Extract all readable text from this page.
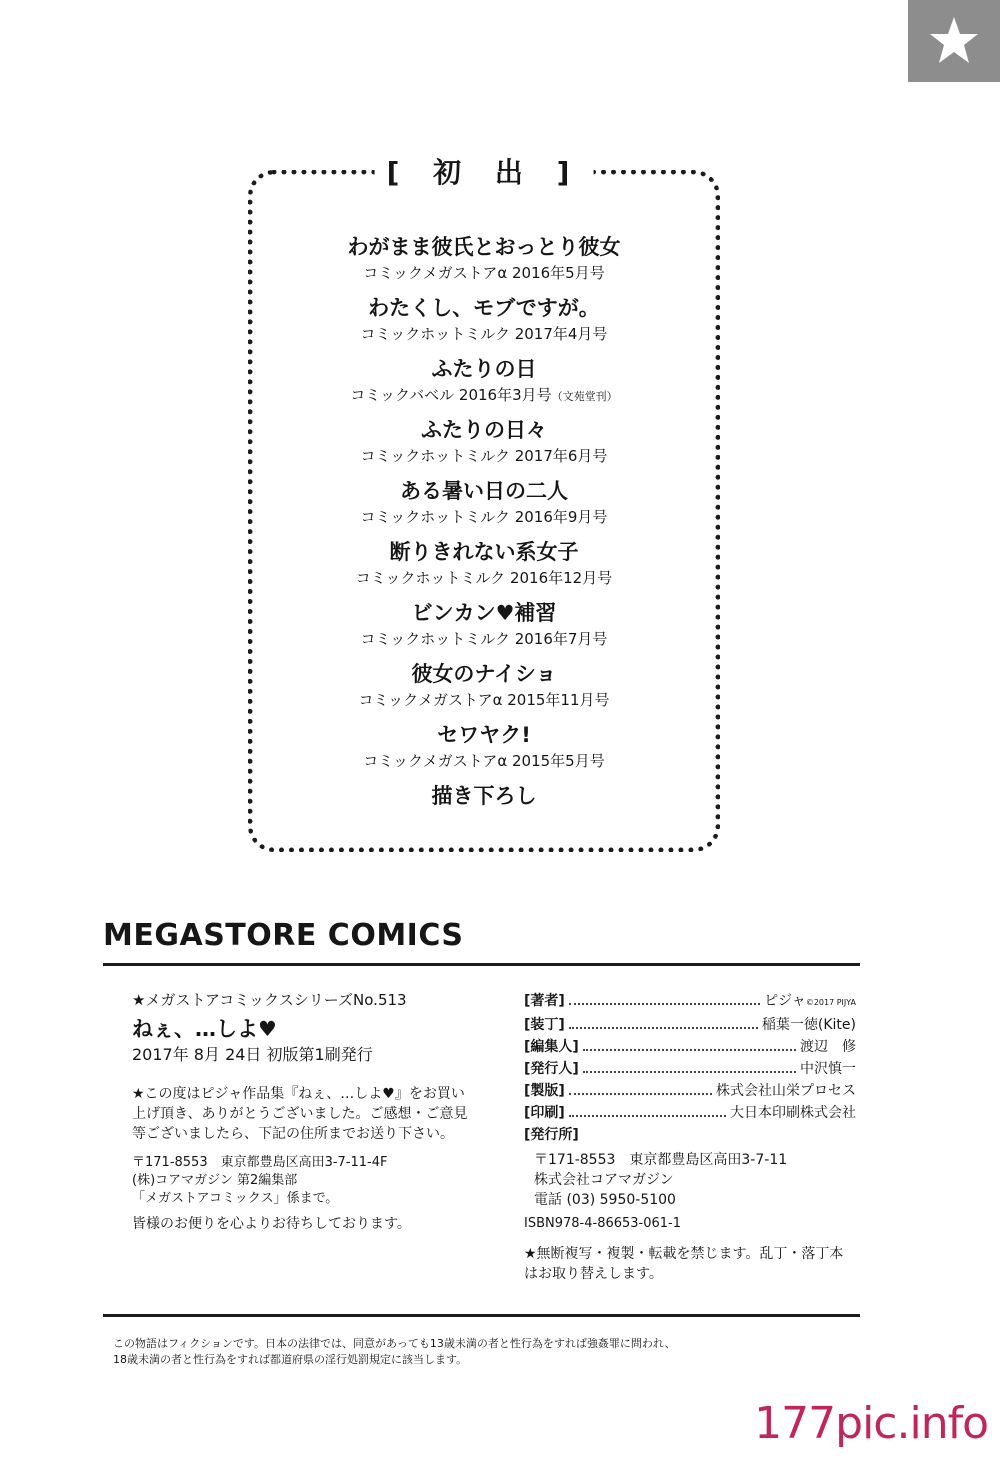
[ 初 出 ]
わがまま彼氏とおっとり彼女
コミックメガストアα 2016年5月号
わたくし、モブですが。
コミックホットミルク 2017年4月号
ふたりの日
コミックバベル 2016年3月号（文苑堂刊）
ふたりの日々
コミックホットミルク 2017年6月号
ある暑い日の二人
コミックホットミルク 2016年9月号
断りきれない系女子
コミックホットミルク 2016年12月号
ビンカン♥補習
コミックホットミルク 2016年7月号
彼女のナイショ
コミックメガストアα 2015年11月号
セワヤク!
コミックメガストアα 2015年5月号
描き下ろし
MEGASTORE COMICS
★メガストアコミックスシリーズNo.513
ねぇ、…しよ♥
2017年 8月 24日 初版第1刷発行
★この度はピジャ作品集『ねぇ、…しよ♥』をお買い上げ頂き、ありがとうございました。ご感想・ご意見等ございましたら、下記の住所までお送り下さい。
〒171-8553　東京都豊島区高田3-7-11-4F
(株)コアマガジン 第2編集部
「メガストアコミックス」係まで。
皆様のお便りを心よりお待ちしております。
[著者]	ピジャ ©2017 PIJYA
[装丁]	稲葉一徳(Kite)
[編集人]	渡辺　修
[発行人]	中沢慎一
[製版]	株式会社山栄プロセス
[印刷]	大日本印刷株式会社
[発行所]
〒171-8553　東京都豊島区高田3-7-11
株式会社コアマガジン
電話 (03) 5950-5100
ISBN978-4-86653-061-1
★無断複写・複製・転載を禁じます。乱丁・落丁本はお取り替えします。
この物語はフィクションです。日本の法律では、同意があっても13歳未満の者と性行為をすれば強姦罪に問われ、
18歳未満の者と性行為をすれば都道府県の淫行処罰規定に該当します。
177pic.info
